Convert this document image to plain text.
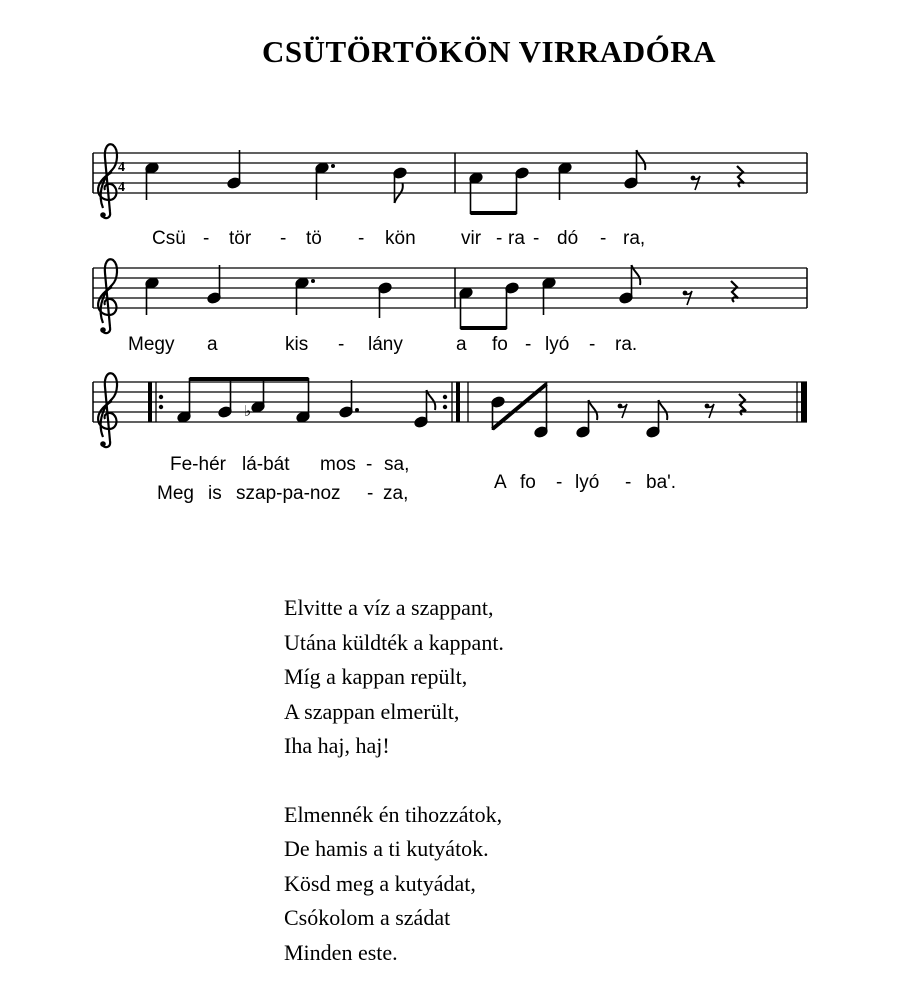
CSÜTÖRTÖKÖN VIRRADÓRA
4
4
Csü - tör - tö - kön vir - ra - dó - ra,
Megy a	kis - lány	a fo - lyó - ra.
♭
Fe-hér lá-bát mos - sa,
Meg is szap-pa-noz - za,
A fo - lyó - ba'.
Elvitte a víz a szappant,
Utána küldték a kappant.
Míg a kappan repült,
A szappan elmerült,
Iha haj, haj!
Elmennék én tihozzátok,
De hamis a ti kutyátok.
Kösd meg a kutyádat,
Csókolom a szádat
Minden este.
